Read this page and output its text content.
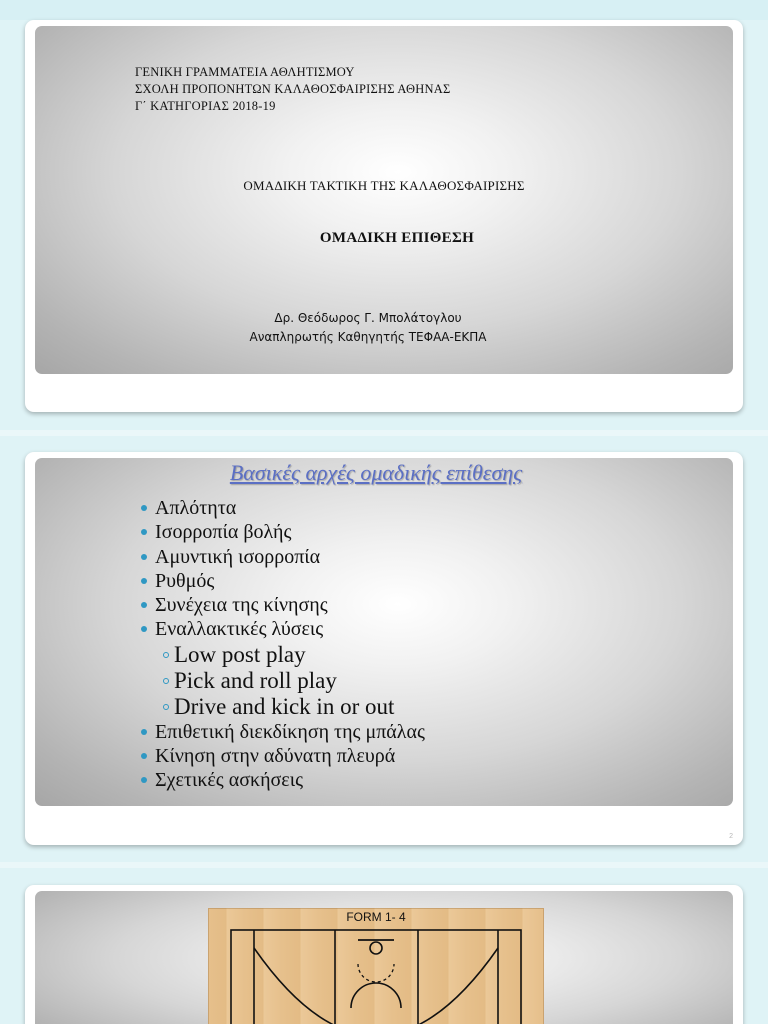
ΓΕΝΙΚΗ ΓΡΑΜΜΑΤΕΙΑ ΑΘΛΗΤΙΣΜΟΥ
ΣΧΟΛΗ ΠΡΟΠΟΝΗΤΩΝ ΚΑΛΑΘΟΣΦΑΙΡΙΣΗΣ ΑΘΗΝΑΣ
Γ΄ ΚΑΤΗΓΟΡΙΑΣ 2018-19
ΟΜΑΔΙΚΗ ΤΑΚΤΙΚΗ ΤΗΣ ΚΑΛΑΘΟΣΦΑΙΡΙΣΗΣ
ΟΜΑΔΙΚΗ ΕΠΙΘΕΣΗ
Δρ. Θεόδωρος Γ. Μπολάτογλου
Αναπληρωτής Καθηγητής ΤΕΦΑΑ-ΕΚΠΑ
Βασικές αρχές ομαδικής επίθεσης
Απλότητα
Ισορροπία βολής
Αμυντική ισορροπία
Ρυθμός
Συνέχεια της κίνησης
Εναλλακτικές λύσεις
Low post play
Pick and roll play
Drive and kick in or out
Επιθετική διεκδίκηση της μπάλας
Κίνηση στην αδύνατη πλευρά
Σχετικές ασκήσεις
2
FORM 1- 4
